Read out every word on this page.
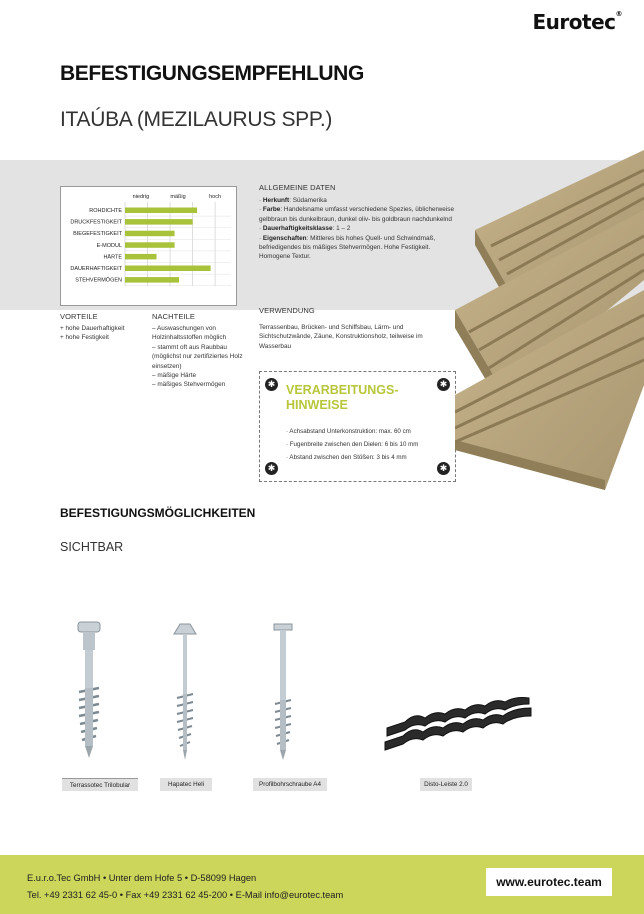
Eurotec®
BEFESTIGUNGSEMPFEHLUNG
ITAÚBA (MEZILAURUS SPP.)
niedrig	mäßig	hoch
ROHDICHTE
DRUCKFESTIGKEIT
BIEGEFESTIGKEIT
E-MODUL
HÄRTE
DAUERHAFTIGKEIT
STEHVERMÖGEN
VORTEILE
+ hohe Dauerhaftigkeit
+ hohe Festigkeit
NACHTEILE
– Auswaschungen von Holzinhaltsstoffen möglich
– stammt oft aus Raubbau (möglichst nur zertifiziertes Holz einsetzen)
– mäßige Härte
– mäßiges Stehvermögen
ALLGEMEINE DATEN
· Herkunft: Südamerika
· Farbe: Handelsname umfasst verschiedene Spezies, üblicherweise gelbbraun bis dunkelbraun, dunkel oliv- bis goldbraun nachdunkelnd
· Dauerhaftigkeitsklasse: 1 – 2
· Eigenschaften: Mittleres bis hohes Quell- und Schwindmaß, befriedigendes bis mäßiges Stehvermögen. Hohe Festigkeit. Homogene Textur.
VERWENDUNG
Terrassenbau, Brücken- und Schiffsbau, Lärm- und Sichtschutzwände, Zäune, Konstruktionsholz, teilweise im Wasserbau
✱	✱
✱	✱
VERARBEITUNGS-
HINWEISE
· Achsabstand Unterkonstruktion: max. 60 cm
· Fugenbreite zwischen den Dielen: 6 bis 10 mm
· Abstand zwischen den Stößen: 3 bis 4 mm
BEFESTIGUNGSMÖGLICHKEITEN
SICHTBAR
Terrassotec Trilobular	Hapatec Heli	Profilbohrschraube A4	Disto-Leiste 2.0
E.u.r.o.Tec GmbH • Unter dem Hofe 5 • D-58099 Hagen
Tel. +49 2331 62 45-0 • Fax +49 2331 62 45-200 • E-Mail info@eurotec.team
www.eurotec.team
